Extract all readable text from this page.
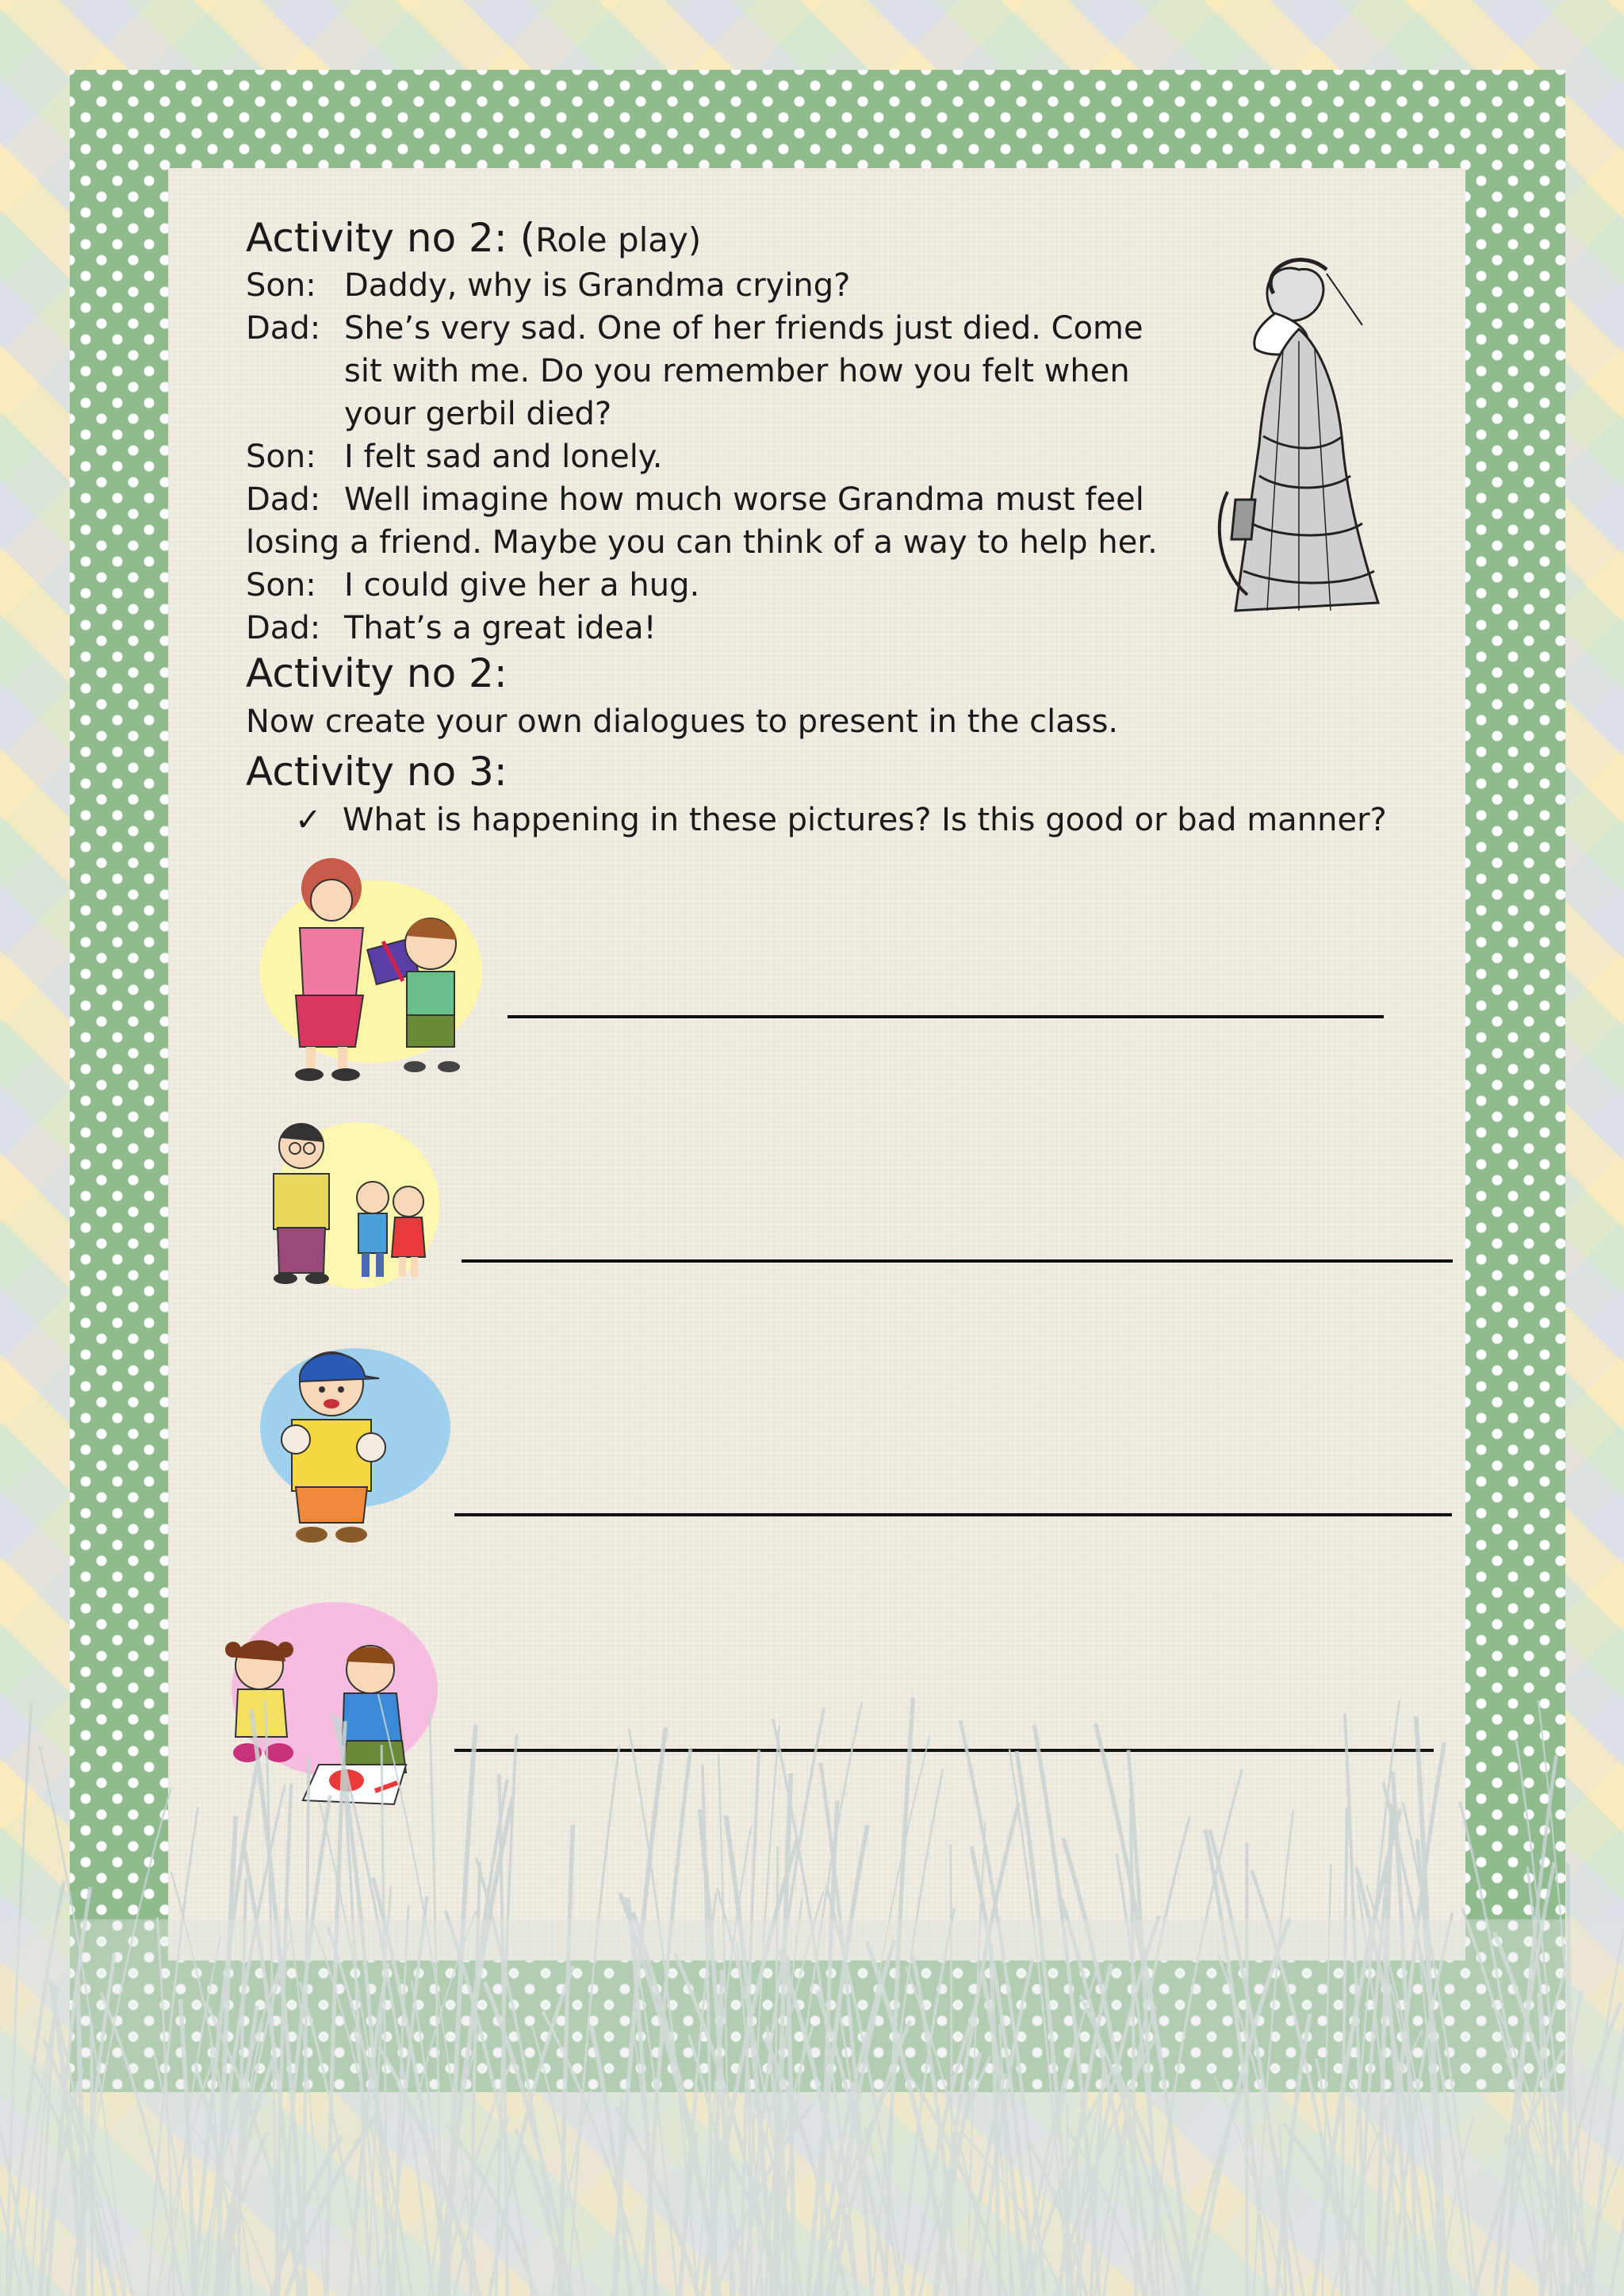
Activity no 2: (Role play)
Son: Daddy, why is Grandma crying?
Dad: She’s very sad. One of her friends just died. Come sit with me. Do you remember how you felt when your gerbil died?
Son: I felt sad and lonely.
Dad: Well imagine how much worse Grandma must feel
losing a friend. Maybe you can think of a way to help her.
Son: I could give her a hug.
Dad: That’s a great idea!
Activity no 2:
Now create your own dialogues to present in the class.
Activity no 3:
✓ What is happening in these pictures? Is this good or bad manner?
